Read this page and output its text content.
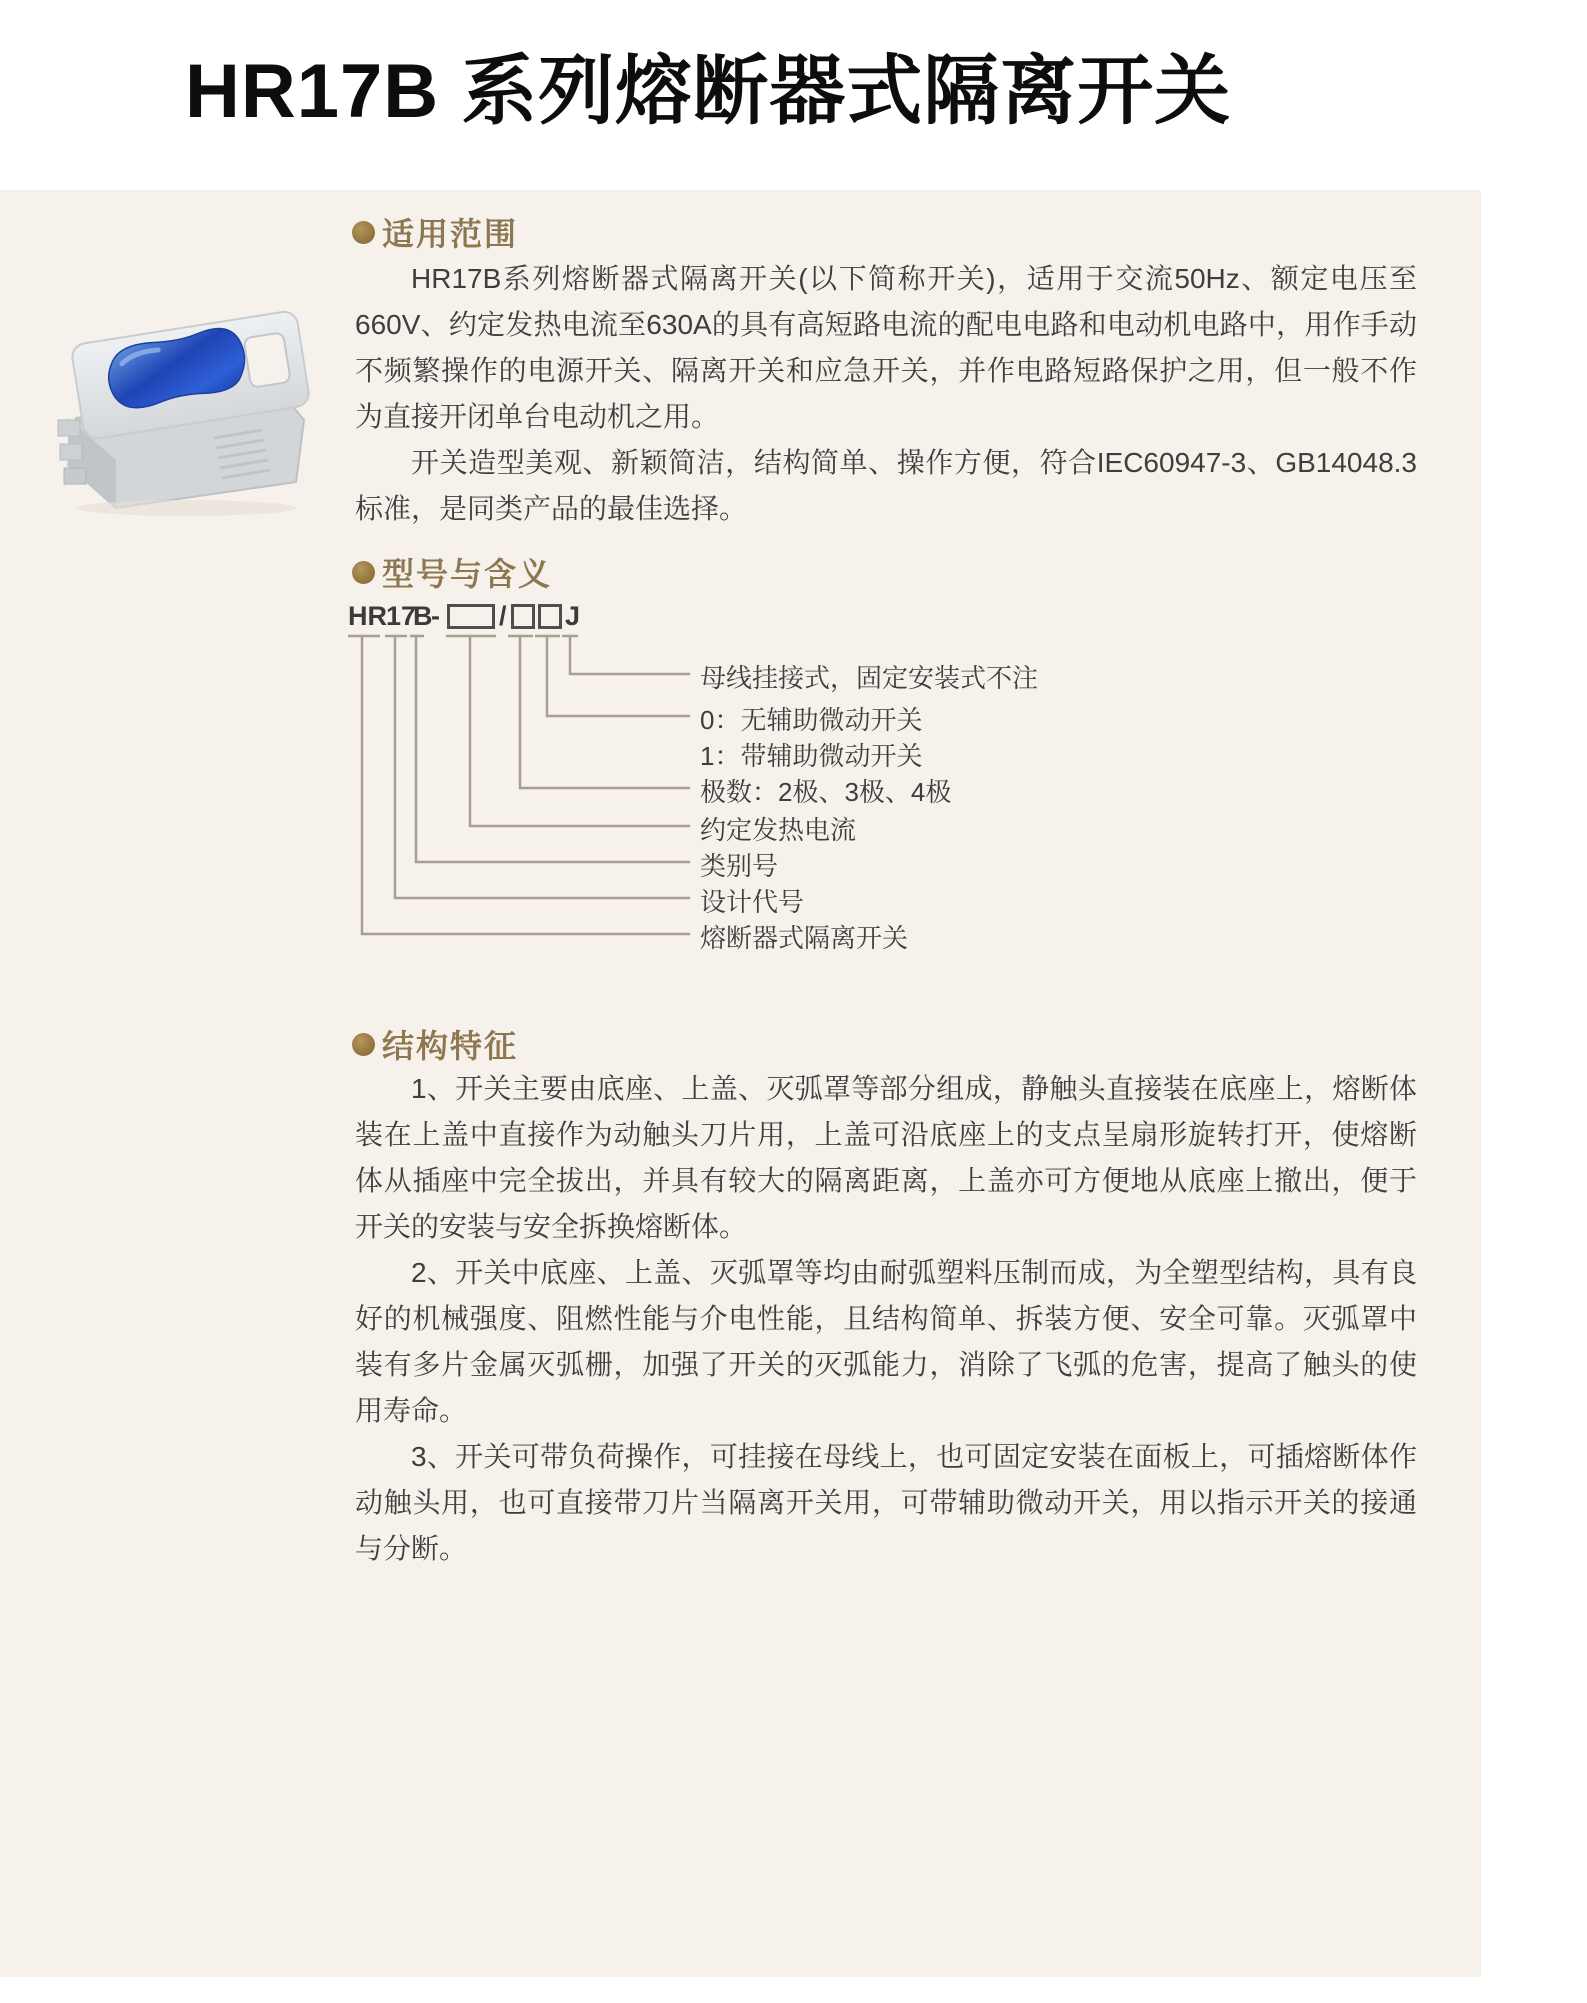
HR17B 系列熔断器式隔离开关
适用范围

HR17B系列熔断器式隔离开关(以下简称开关)，适用于交流50Hz、额定电压至660V、约定发热电流至630A的具有高短路电流的配电电路和电动机电路中，用作手动不频繁操作的电源开关、隔离开关和应急开关，并作电路短路保护之用，但一般不作为直接开闭单台电动机之用。

开关造型美观、新颖简洁，结构简单、操作方便，符合IEC60947-3、GB14048.3标准，是同类产品的最佳选择。

型号与含义
HR 17
B
- / J
母线挂接式，固定安装式不注
0：无辅助微动开关
1：带辅助微动开关
极数：2极、3极、4极
约定发热电流
类别号
设计代号
熔断器式隔离开关
结构特征

1、开关主要由底座、上盖、灭弧罩等部分组成，静触头直接装在底座上，熔断体装在上盖中直接作为动触头刀片用，上盖可沿底座上的支点呈扇形旋转打开，使熔断体从插座中完全拔出，并具有较大的隔离距离，上盖亦可方便地从底座上撤出，便于开关的安装与安全拆换熔断体。

2、开关中底座、上盖、灭弧罩等均由耐弧塑料压制而成，为全塑型结构，具有良好的机械强度、阻燃性能与介电性能，且结构简单、拆装方便、安全可靠。灭弧罩中装有多片金属灭弧栅，加强了开关的灭弧能力，消除了飞弧的危害，提高了触头的使用寿命。

3、开关可带负荷操作，可挂接在母线上，也可固定安装在面板上，可插熔断体作动触头用，也可直接带刀片当隔离开关用，可带辅助微动开关，用以指示开关的接通与分断。
